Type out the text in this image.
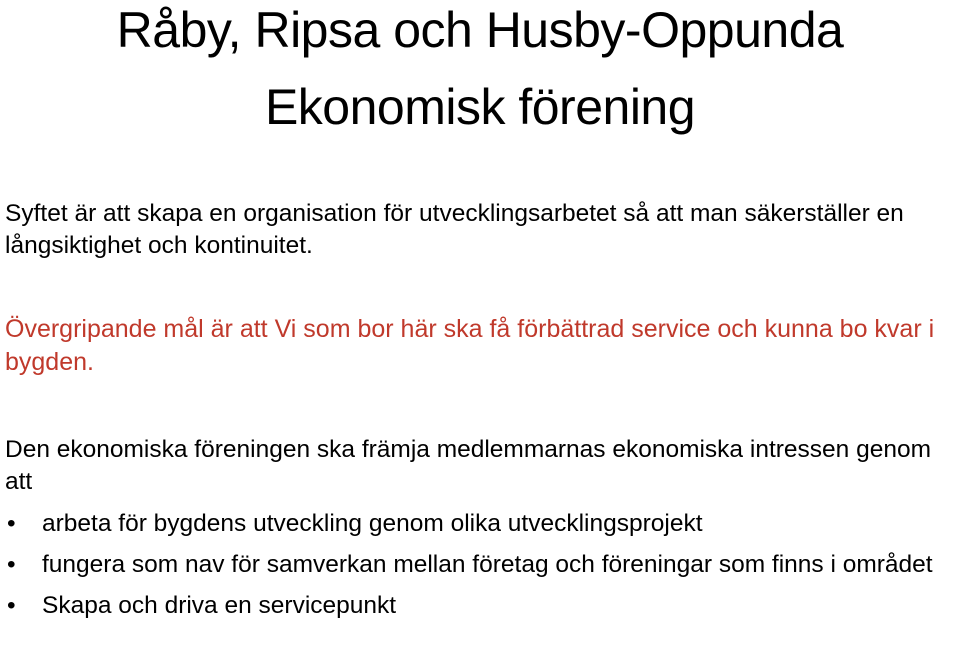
Råby, Ripsa och Husby-Oppunda
Ekonomisk förening

Syftet är att skapa en organisation för utvecklingsarbetet så att man säkerställer en långsiktighet och kontinuitet.

Övergripande mål är att Vi som bor här ska få förbättrad service och kunna bo kvar i bygden.

Den ekonomiska föreningen ska främja medlemmarnas ekonomiska intressen genom att

• arbeta för bygdens utveckling genom olika utvecklingsprojekt
• fungera som nav för samverkan mellan företag och föreningar som finns i området
• Skapa och driva en servicepunkt
